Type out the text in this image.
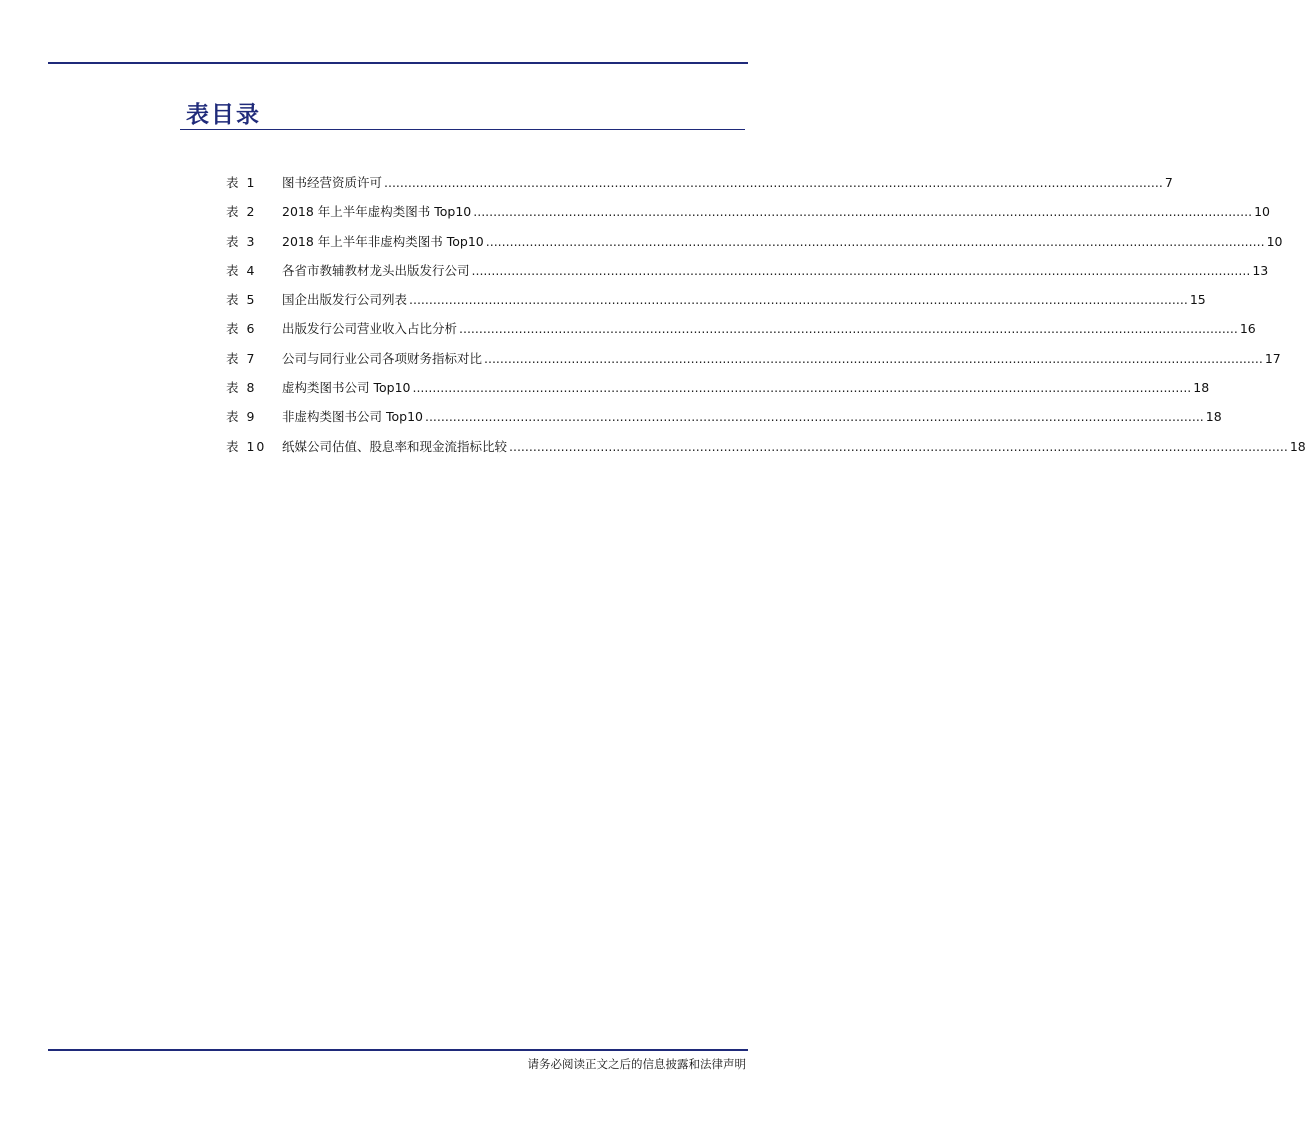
表目录
表 1	图书经营资质许可 .................................................................................................................................................................................................... 7
表 2	2018 年上半年虚构类图书 Top10 .................................................................................................................................................................................................... 10
表 3	2018 年上半年非虚构类图书 Top10 .................................................................................................................................................................................................... 10
表 4	各省市教辅教材龙头出版发行公司 .................................................................................................................................................................................................... 13
表 5	国企出版发行公司列表 .................................................................................................................................................................................................... 15
表 6	出版发行公司营业收入占比分析 .................................................................................................................................................................................................... 16
表 7	公司与同行业公司各项财务指标对比 .................................................................................................................................................................................................... 17
表 8	虚构类图书公司 Top10 .................................................................................................................................................................................................... 18
表 9	非虚构类图书公司 Top10 .................................................................................................................................................................................................... 18
表 10	纸媒公司估值、股息率和现金流指标比较 .................................................................................................................................................................................................... 18
请务必阅读正文之后的信息披露和法律声明
